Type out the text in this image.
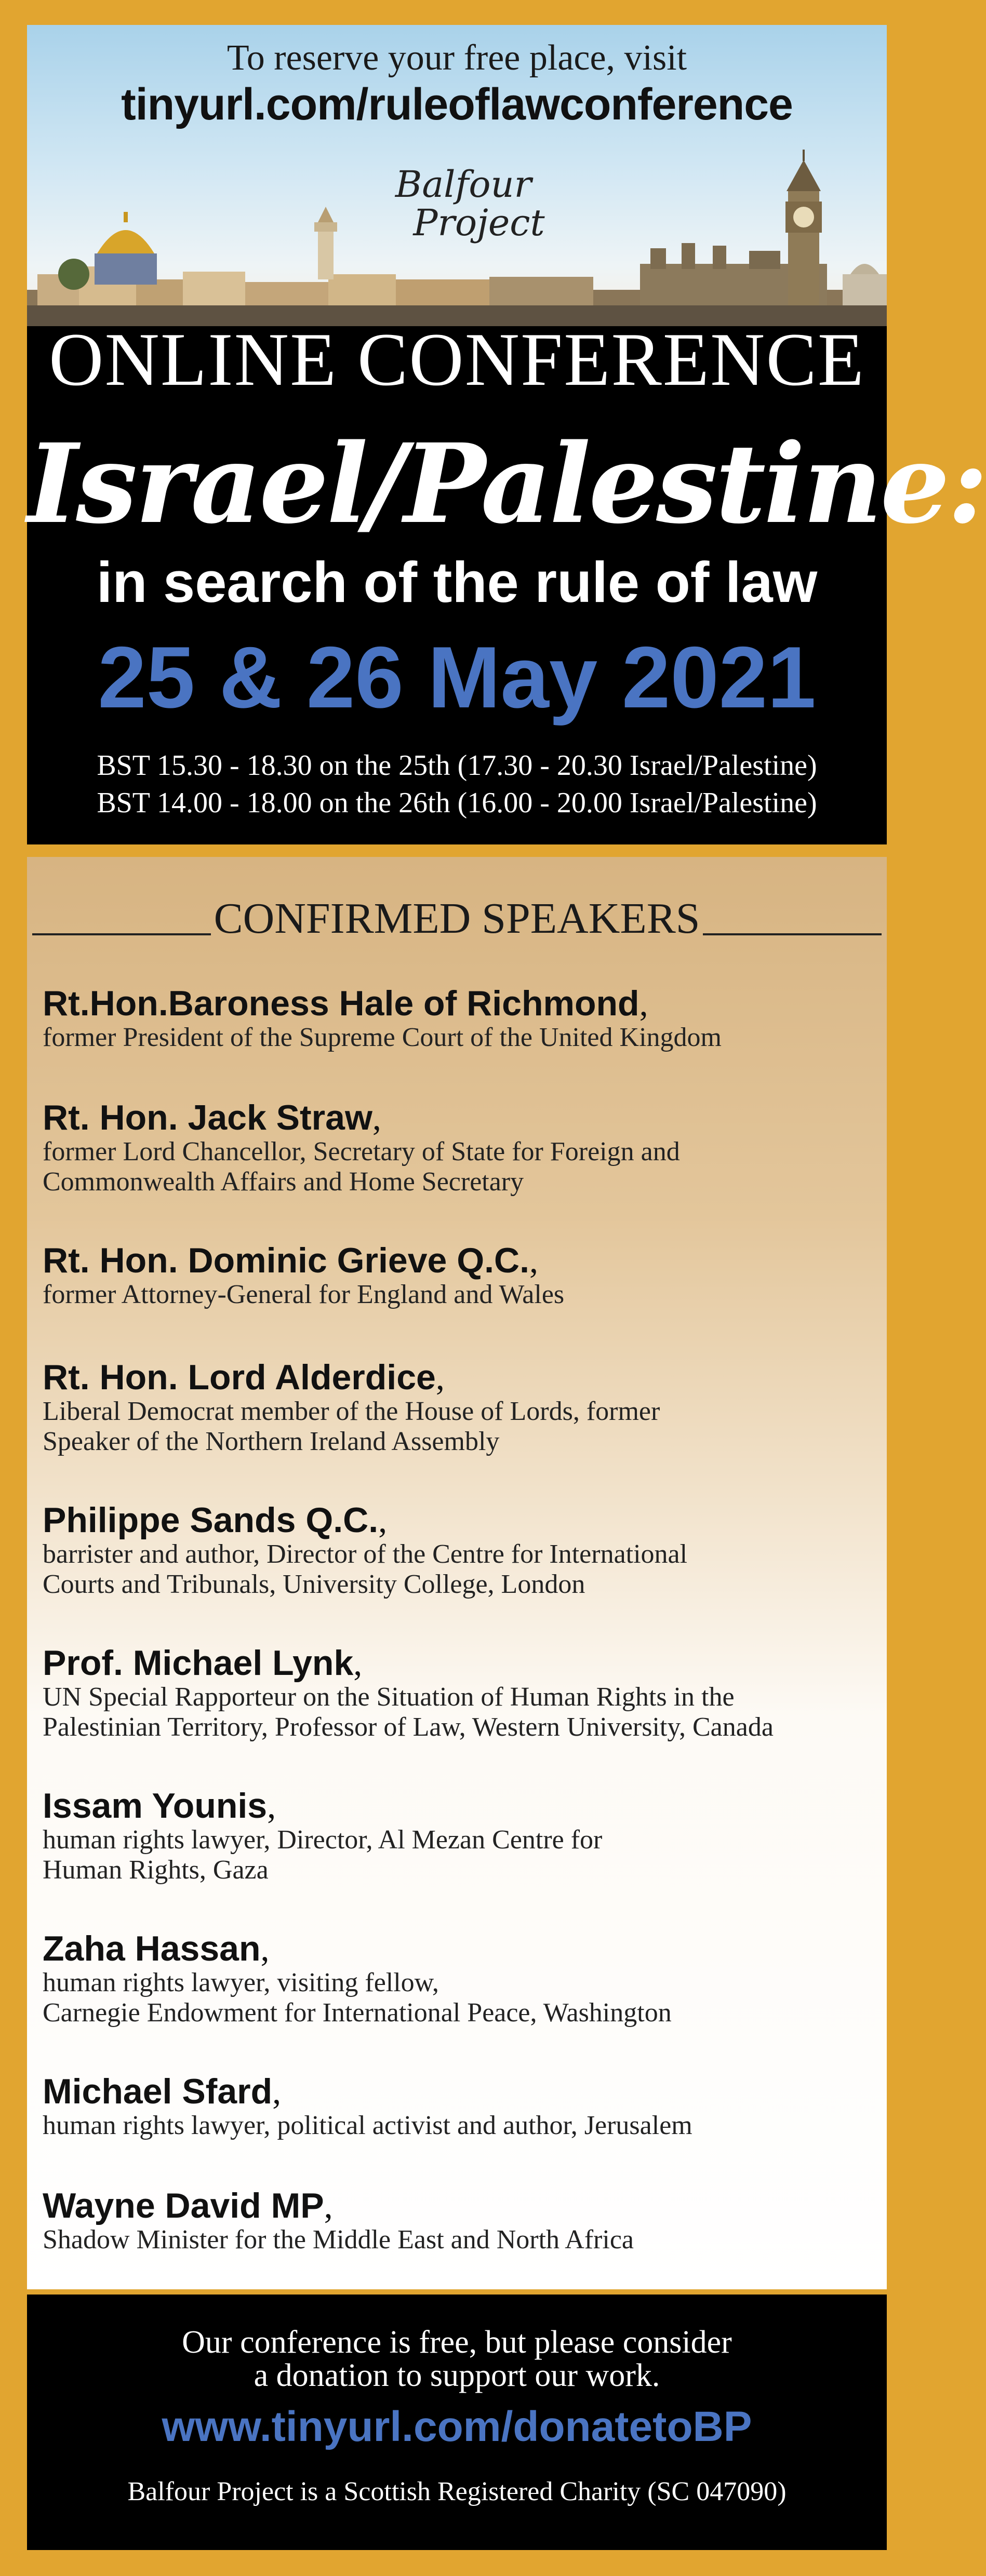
To reserve your free place, visit
tinyurl.com/ruleoflawconference
Balfour
Project
ONLINE CONFERENCE
Israel/Palestine:
in search of the rule of law
25 & 26 May 2021
BST 15.30 - 18.30 on the 25th (17.30 - 20.30 Israel/Palestine)
BST 14.00 - 18.00 on the 26th (16.00 - 20.00 Israel/Palestine)
CONFIRMED SPEAKERS
Rt.Hon.Baroness Hale of Richmond,
former President of the Supreme Court of the United Kingdom
Rt. Hon. Jack Straw,
former Lord Chancellor, Secretary of State for Foreign and
Commonwealth Affairs and Home Secretary
Rt. Hon. Dominic Grieve Q.C.,
former Attorney-General for England and Wales
Rt. Hon. Lord Alderdice,
Liberal Democrat member of the House of Lords, former
Speaker of the Northern Ireland Assembly
Philippe Sands Q.C.,
barrister and author, Director of the Centre for International
Courts and Tribunals, University College, London
Prof. Michael Lynk,
UN Special Rapporteur on the Situation of Human Rights in the
Palestinian Territory, Professor of Law, Western University, Canada
Issam Younis,
human rights lawyer, Director, Al Mezan Centre for
Human Rights, Gaza
Zaha Hassan,
human rights lawyer, visiting fellow,
Carnegie Endowment for International Peace, Washington
Michael Sfard,
human rights lawyer, political activist and author, Jerusalem
Wayne David MP,
Shadow Minister for the Middle East and North Africa
Our conference is free, but please consider
a donation to support our work.
www.tinyurl.com/donatetoBP
Balfour Project is a Scottish Registered Charity (SC 047090)
